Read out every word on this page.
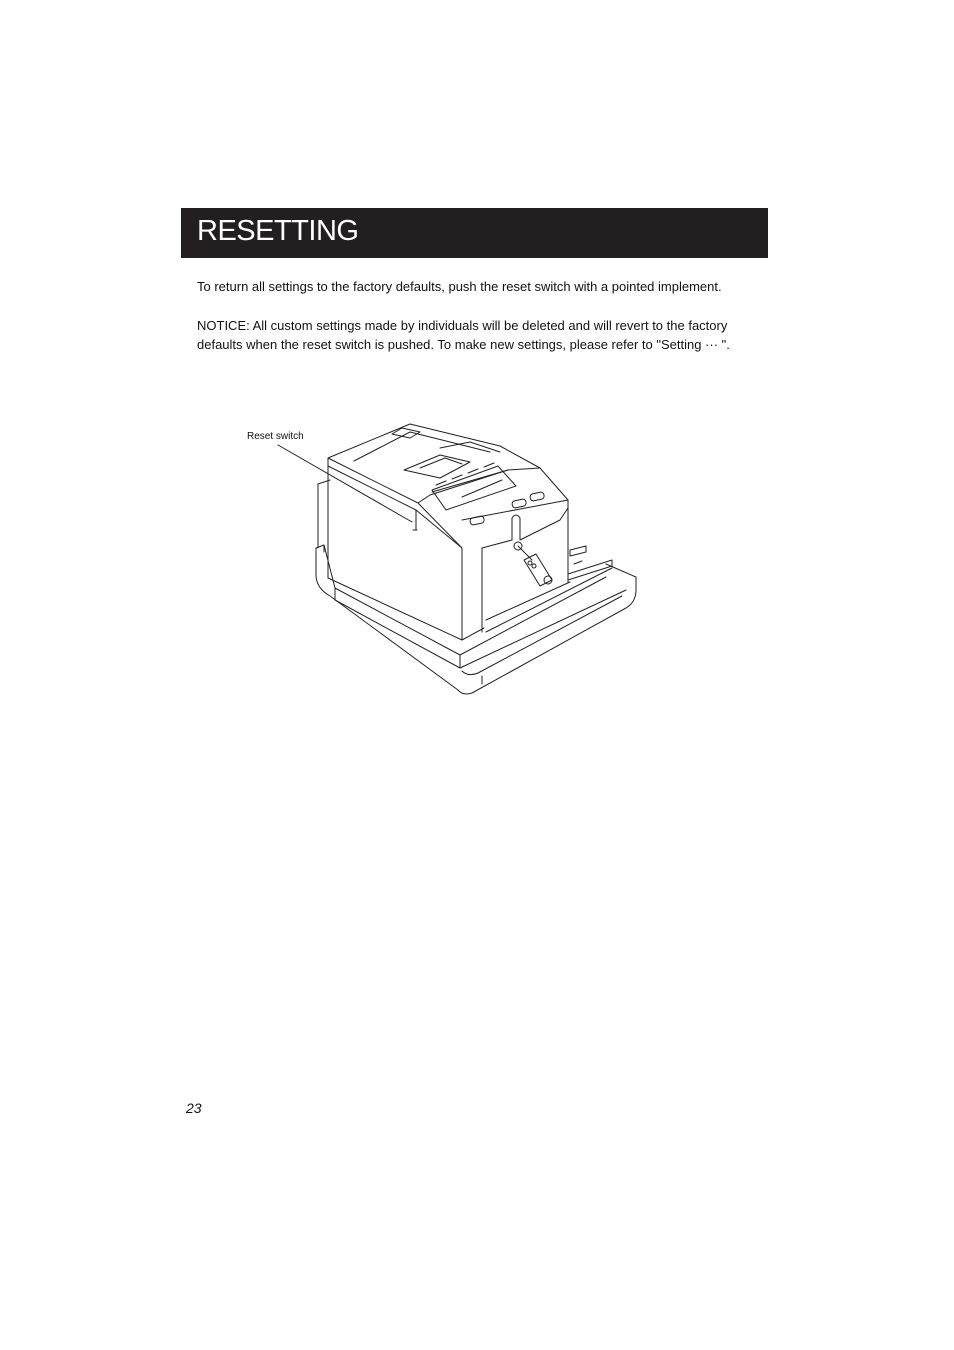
RESETTING

To return all settings to the factory defaults, push the reset switch with a pointed implement.

NOTICE: All custom settings made by individuals will be deleted and will revert to the factory defaults when the reset switch is pushed. To make new settings, please refer to "Setting ··· ".

Reset switch
23
